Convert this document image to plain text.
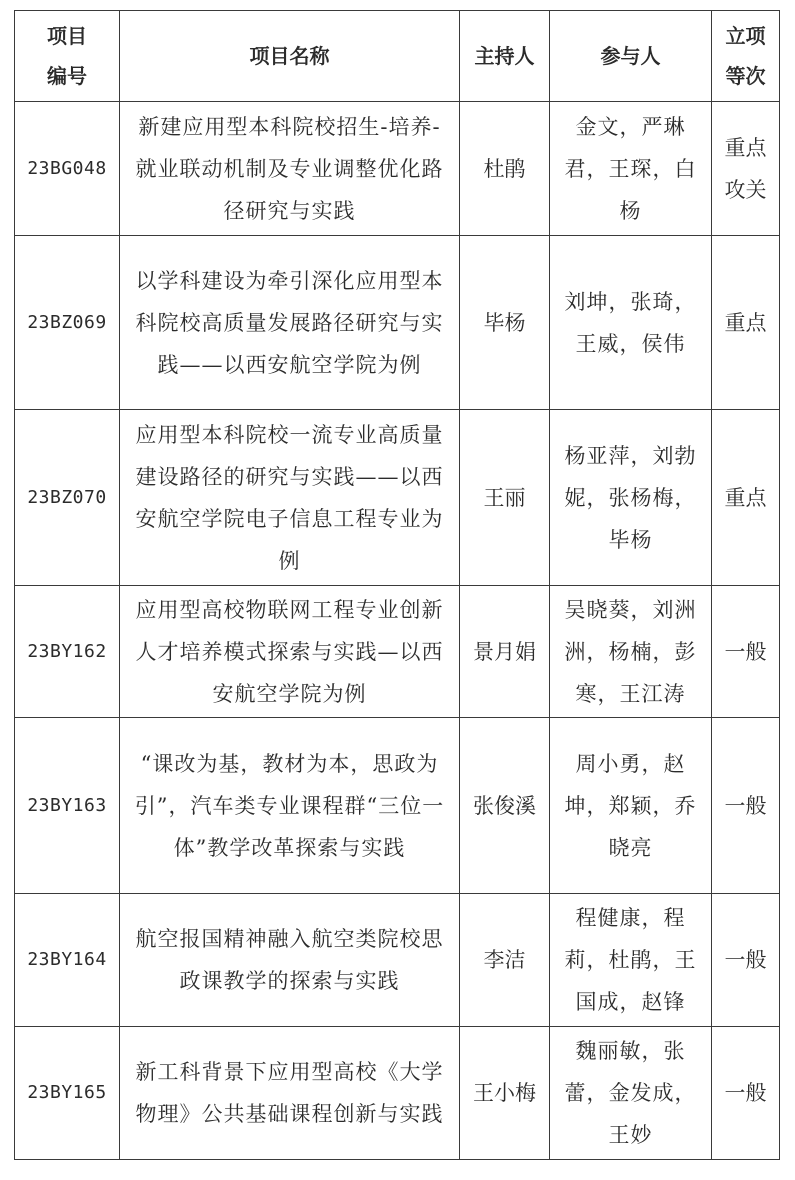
项目编号	项目名称	主持人	参与人	立项等次
23BG048	新建应用型本科院校招生-培养-就业联动机制及专业调整优化路径研究与实践	杜鹃	金文，严琳君，王琛，白杨	重点攻关
23BZ069	以学科建设为牵引深化应用型本科院校高质量发展路径研究与实践——以西安航空学院为例	毕杨	刘坤，张琦，王威，侯伟	重点
23BZ070	应用型本科院校一流专业高质量建设路径的研究与实践——以西安航空学院电子信息工程专业为例	王丽	杨亚萍，刘勃妮，张杨梅，毕杨	重点
23BY162	应用型高校物联网工程专业创新人才培养模式探索与实践—以西安航空学院为例	景月娟	吴晓葵，刘洲洲，杨楠，彭寒，王江涛	一般
23BY163	“课改为基，教材为本，思政为引”，汽车类专业课程群“三位一体”教学改革探索与实践	张俊溪	周小勇，赵坤，郑颖，乔晓亮	一般
23BY164	航空报国精神融入航空类院校思政课教学的探索与实践	李洁	程健康，程莉，杜鹃，王国成，赵锋	一般
23BY165	新工科背景下应用型高校《大学物理》公共基础课程创新与实践	王小梅	魏丽敏，张蕾，金发成，王妙	一般
